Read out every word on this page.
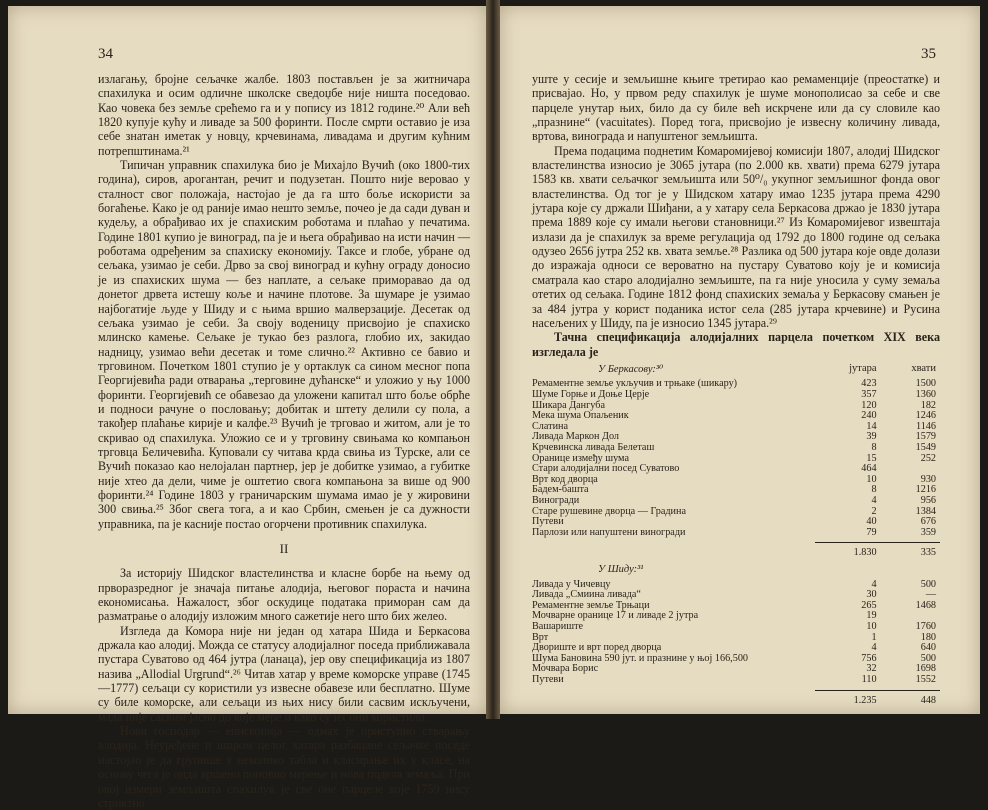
34

излагању, бројне сељачке жалбе. 1803 постављен је за житничара спахилука и осим одличне школске сведоџбе није ништа поседовао. Као човека без земље срећемо га и у попису из 1812 године.²⁰ Али већ 1820 купује кућу и ливаде за 500 форинти. После смрти оставио је иза себе знатан иметак у новцу, крчевинама, ливадама и другим кућним потрепштинама.²¹

Типичан управник спахилука био је Михајло Вучић (око 1800-тих година), сиров, арогантан, речит и подузетан. Пошто није веровао у сталност свог положаја, настојао је да га што боље искористи за богаћење. Како је од раније имао нешто земље, почео је да сади дуван и кудељу, а обрађивао их је спахиским роботама и плаћао у печатима. Године 1801 купио је виноград, па је и њега обрађивао на исти начин — роботама одређеним за спахиску економију. Таксе и глобе, убране од сељака, узимао је себи. Дрво за свој виноград и кућну ограду доносио је из спахиских шума — без наплате, а сељаке приморавао да од донетог дрвета истешу коље и начине плотове. За шумаре је узимао најбогатије људе у Шиду и с њима вршио малверзације. Десетак од сељака узимао је себи. За своју воденицу присвојио је спахиско млинско камење. Сељаке је тукао без разлога, глобио их, закидао надницу, узимао већи десетак и томе слично.²² Активно се бавио и трговином. Почетком 1801 ступио је у ортаклук са сином месног попа Георгијевића ради отварања „терговине дућанске“ и уложио у њу 1000 форинти. Георгијевић се обавезао да уложени капитал што боље обрће и подноси рачуне о пословању; добитак и штету делили су пола, а такођер плаћање кирије и калфе.²³ Вучић је трговао и житом, али је то скривао од спахилука. Уложио се и у трговину свињама ко компањон трговца Беличевића. Куповали су читава крда свиња из Турске, али се Вучић показао као нелојалан партнер, јер је добитке узимао, а губитке није хтео да дели, чиме је оштетио свога компањона за више од 900 форинти.²⁴ Године 1803 у граничарским шумама имао је у жировини 300 свиња.²⁵ Због свега тога, а и као Србин, смењен је са дужности управника, па је касније постао огорчени противник спахилука.

II

За историју Шидског властелинства и класне борбе на њему од прворазредног је значаја питање алодија, његовог пораста и начина економисања. Нажалост, због оскудице података приморан сам да разматрање о алодију изложим много сажетије него што бих желео.

Изгледа да Комора није ни један од хатара Шида и Беркасова држала као алодиј. Можда се статусу алодијалног поседа приближавала пустара Суватово од 464 јутра (ланаца), јер ову спецификација из 1807 назива „Allodial Urgrund“.²⁶ Читав хатар у време коморске управе (1745—1777) сељаци су користили уз извесне обавезе или бесплатно. Шуме су биле коморске, али сељаци из њих нису били сасвим искључени, мада није сасвим јасно до које мере и како су их они користили.

Нови господар — епископија — одмах је приступио стварању алодија. Неуређене и широм целог хатара разбацане сељачке поседе настојао је да групише у неколико табла и класирање их у класе, на основу чега је онда вршено поновно мерење и нова подела земаља. При овој измери земљишта спахилук је све оне парцеле које 1759 нису стриктно

35

уште у сесије и земљишне књиге третирао као ремаменције (преостатке) и присвајао. Но, у првом реду спахилук је шуме монополисао за себе и све парцеле унутар њих, било да су биле већ искрчене или да су словиле као „празнине“ (vacuitates). Поред тога, присвојио је извесну количину ливада, вртова, винограда и напуштеног земљишта.

Према подацима поднетим Комаромијевој комисији 1807, алодиј Шидског властелинства износио је 3065 јутара (по 2.000 кв. хвати) према 6279 јутара 1583 кв. хвати сељачког земљишта или 50⁰/₀ укупног земљишног фонда овог властелинства. Од тог је у Шидском хатару имао 1235 јутара према 4290 јутара које су држали Шиђани, а у хатару села Беркасова држао је 1830 јутара према 1889 које су имали његови становници.²⁷ Из Комаромијевог извештаја излази да је спахилук за време регулација од 1792 до 1800 године од сељака одузео 2656 јутра 252 кв. хвата земље.²⁸ Разлика од 500 јутара које овде долази до изражаја односи се вероватно на пустару Суватово коју је и комисија сматрала као старо алодијално земљиште, па га није уносила у суму земаља отетих од сељака. Године 1812 фонд спахиских земаља у Беркасову смањен је за 484 јутра у корист поданика истог села (285 јутара крчевине) и Русина насељених у Шиду, па је износио 1345 јутара.²⁹

Тачна спецификација алодијалних парцела почетком XIX века изгледала је

У Беркасову:³⁰	јутара	хвати
Ремаментне земље укључив и трњаке (шикару)	423	1500
Шуме Горње и Доње Церје	357	1360
Шикара Дангуба	120	182
Мека шума Опаљеник	240	1246
Слатина	14	1146
Ливада Маркон Дол	39	1579
Крчевинска ливада Белеташ	8	1549
Оранице између шума	15	252
Стари алодијални посед Суватово	464	
Врт код дворца	10	930
Бадем-башта	8	1216
Виногради	4	956
Старе рушевине дворца — Градина	2	1384
Путеви	40	676
Парлози или напуштени виногради	79	359

	1.830	335
У Шиду:³¹		

Ливада у Чичевцу	4	500
Ливада „Смиина ливада“	30	—
Ремаментне земље Трњаци	265	1468
Мочварне оранице 17 и ливаде 2 јутра	19	
Вашариште	10	1760
Врт	1	180
Двориште и врт поред дворца	4	640
Шума Бановина 590 јут. и празнине у њој 166,500	756	500
Мочвара Борис	32	1698
Путеви	110	1552

	1.235	448
